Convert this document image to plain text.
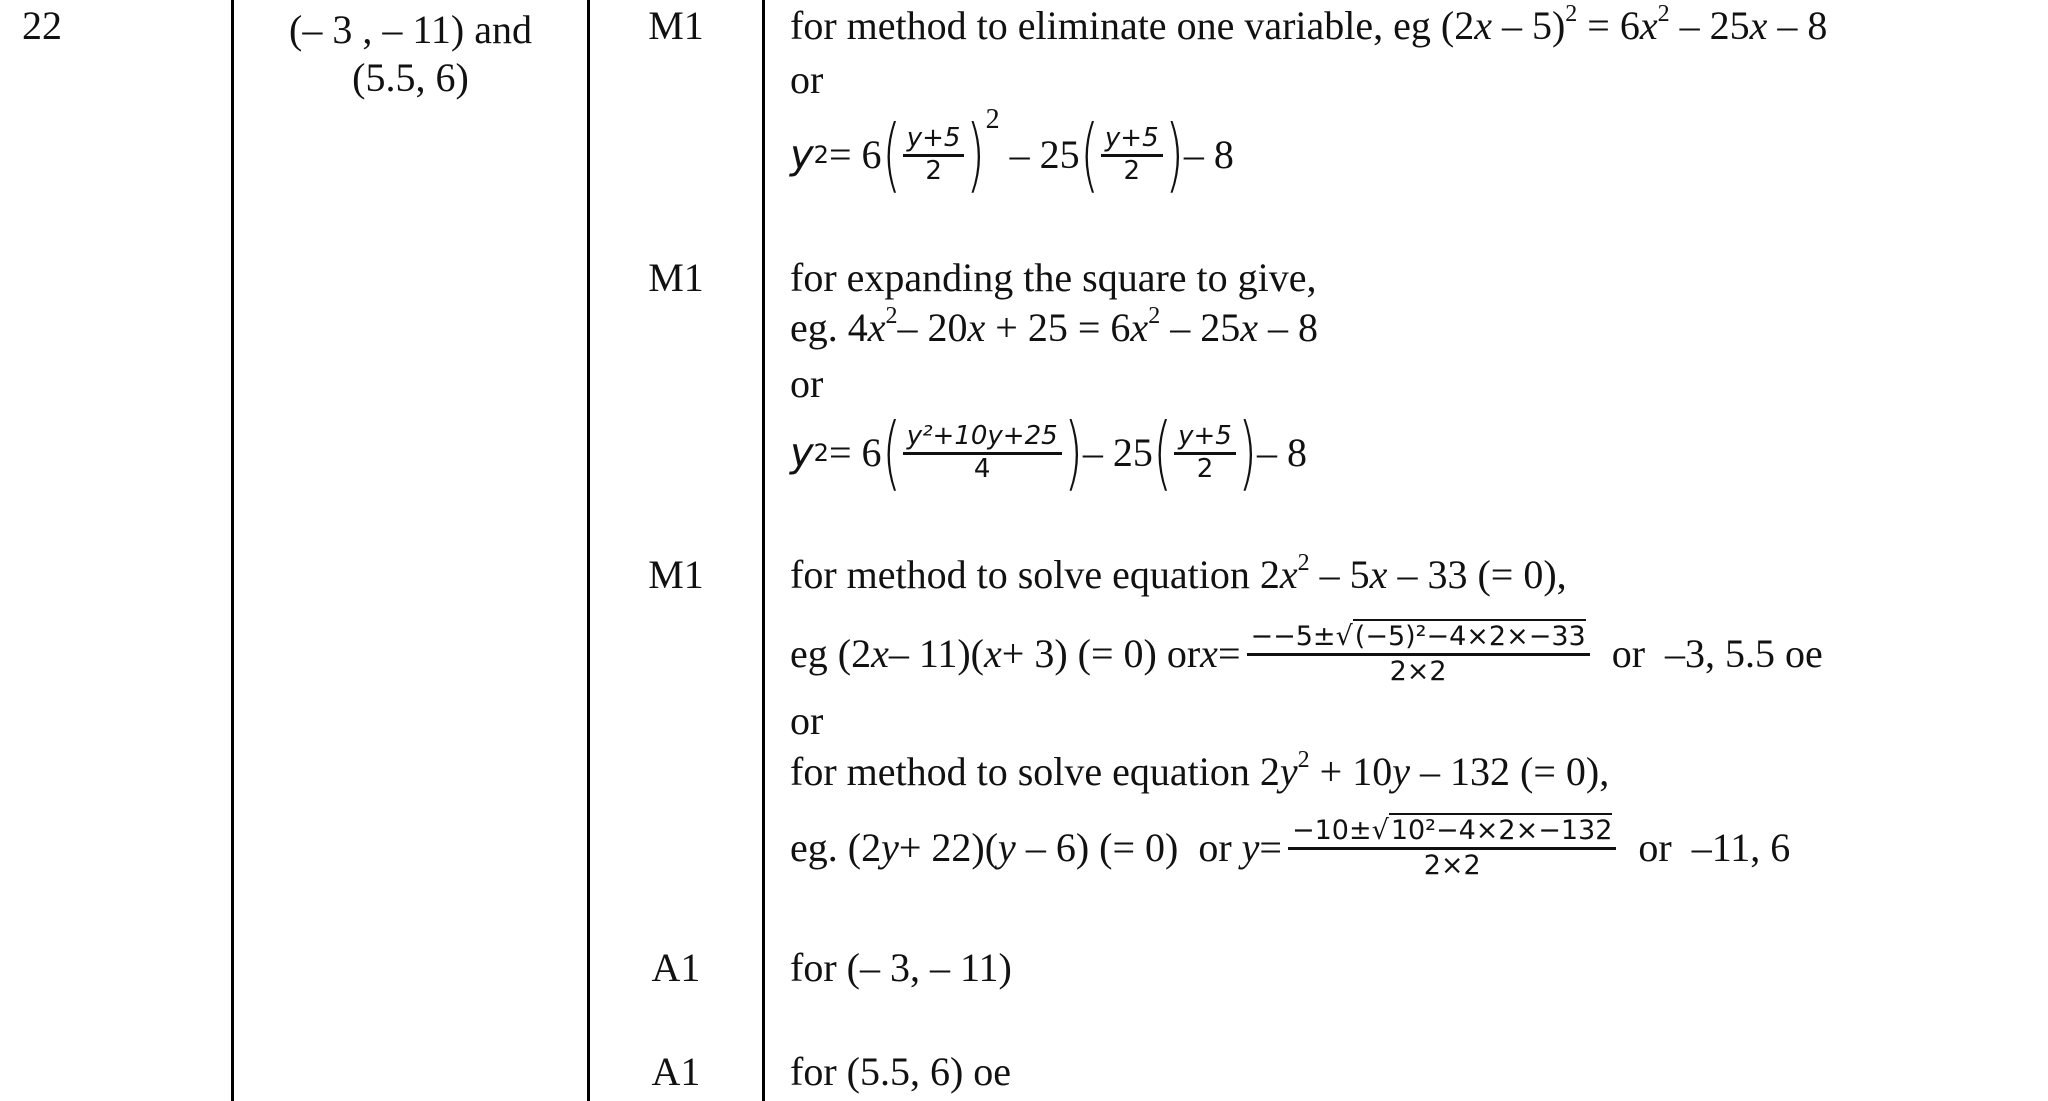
22	(– 3 , – 11) and
(5.5, 6)
M1
M1
M1
A1
A1
for method to eliminate one variable, eg $(2x - 5)^2 = 6x^2 - 25x - 8$
or
y 2 = 6 ( $\frac{y+5}{2}$ ) 2
– 25 ( $\frac{y+5}{2}$ ) – 8
for expanding the square to give,
eg. $4x^2-$ $20x + 25 = 6x^2 - 25x - 8$
or
y 2 = 6 ( $\frac{\text{y²+10y+25}}{4}$ ) – 25 ( $\frac{y+5}{2}$ ) – 8
for method to solve equation $2x^2 - 5x - 33$ (= 0),
eg (2 x – 11)( x + 3) (= 0) or $x = \frac{\text{−−5±√(−5)²−4×2×−33}}{2\times 2}$ or  –3, 5.5 oe
or
for method to solve equation $2y^2 + 10y - 132$ (= 0),
eg. (2 y + 22)( y – 6) (= 0)  or $y = \frac{\text{−10±√10²−4×2×−132}}{2\times 2}$ or  –11, 6
for (– 3, – 11)
for (5.5, 6) oe
